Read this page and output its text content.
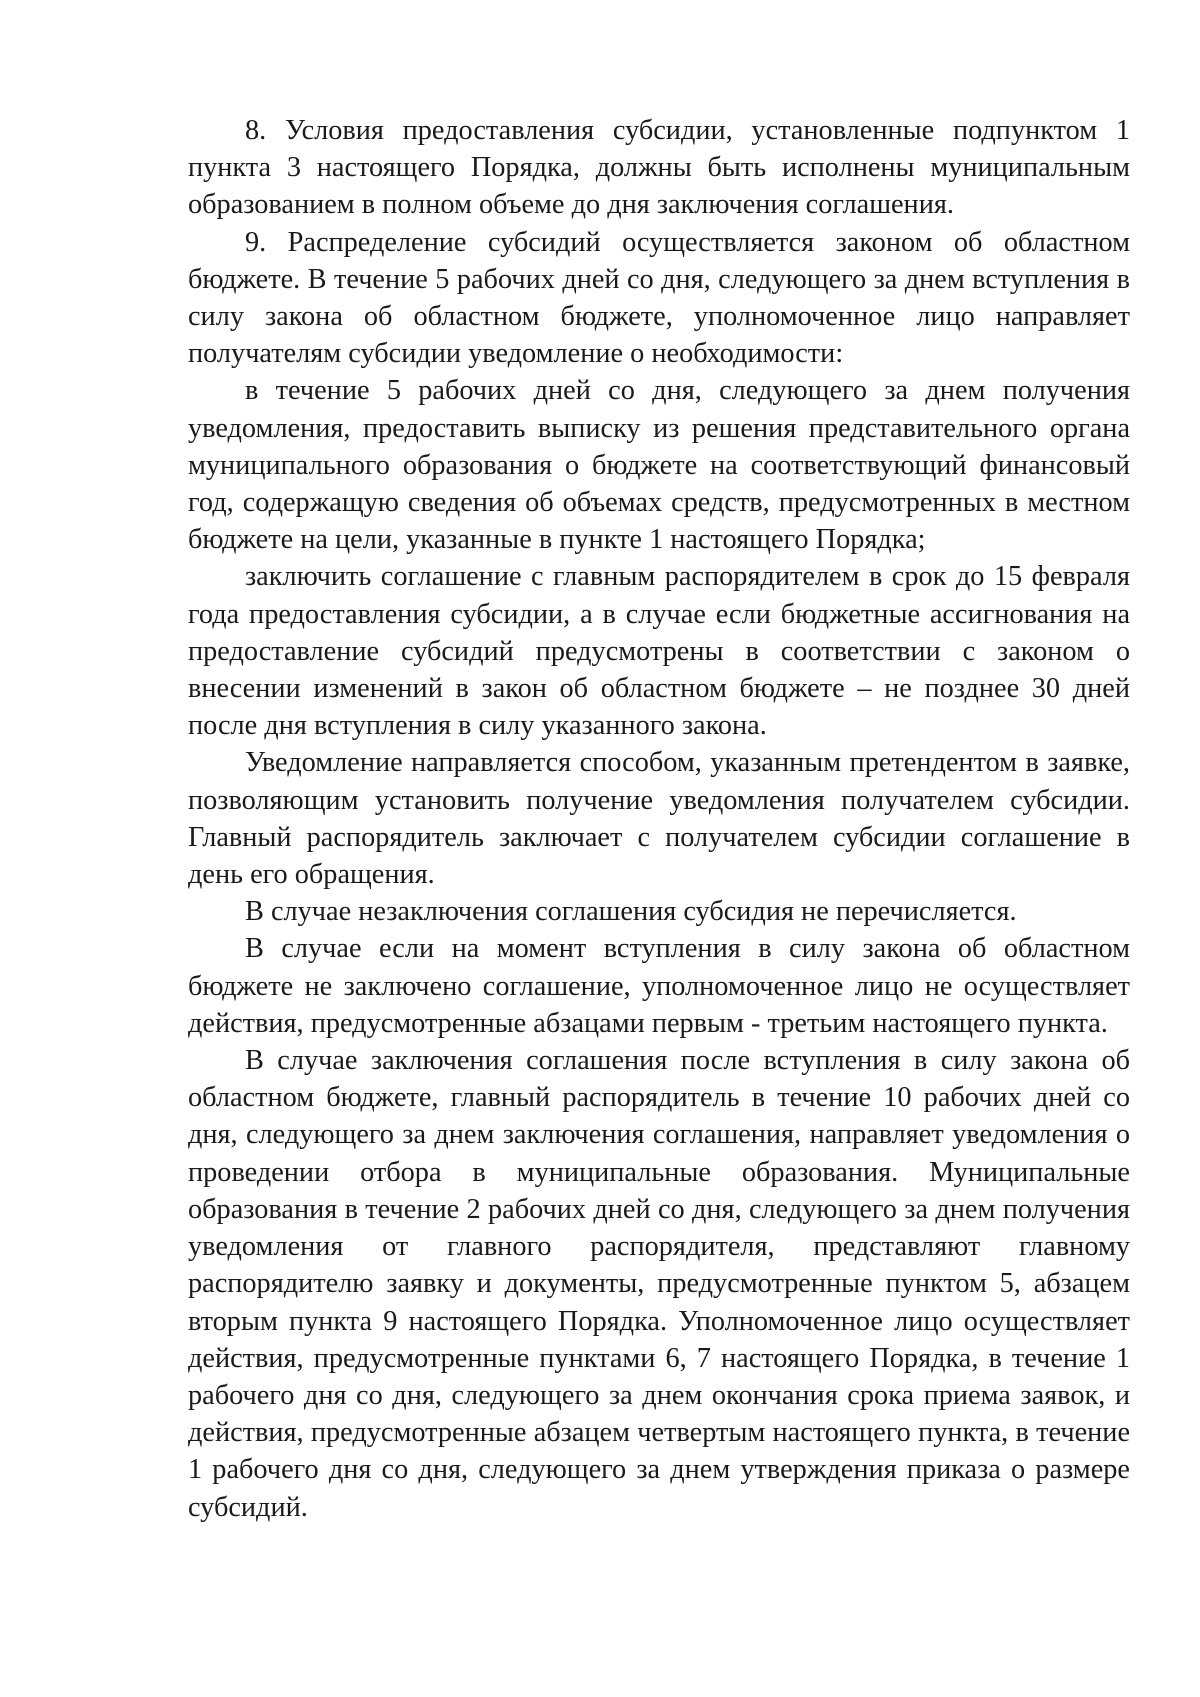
8. Условия предоставления субсидии, установленные подпунктом 1 пункта 3 настоящего Порядка, должны быть исполнены муниципальным образованием в полном объеме до дня заключения соглашения.

9. Распределение субсидий осуществляется законом об областном бюджете. В течение 5 рабочих дней со дня, следующего за днем вступления в силу закона об областном бюджете, уполномоченное лицо направляет получателям субсидии уведомление о необходимости:

в течение 5 рабочих дней со дня, следующего за днем получения уведомления, предоставить выписку из решения представительного органа муниципального образования о бюджете на соответствующий финансовый год, содержащую сведения об объемах средств, предусмотренных в местном бюджете на цели, указанные в пункте 1 настоящего Порядка;

заключить соглашение с главным распорядителем в срок до 15 февраля года предоставления субсидии, а в случае если бюджетные ассигнования на предоставление субсидий предусмотрены в соответствии с законом о внесении изменений в закон об областном бюджете – не позднее 30 дней после дня вступления в силу указанного закона.

Уведомление направляется способом, указанным претендентом в заявке, позволяющим установить получение уведомления получателем субсидии. Главный распорядитель заключает с получателем субсидии соглашение в день его обращения.

В случае незаключения соглашения субсидия не перечисляется.

В случае если на момент вступления в силу закона об областном бюджете не заключено соглашение, уполномоченное лицо не осуществляет действия, предусмотренные абзацами первым - третьим настоящего пункта.

В случае заключения соглашения после вступления в силу закона об областном бюджете, главный распорядитель в течение 10 рабочих дней со дня, следующего за днем заключения соглашения, направляет уведомления о проведении отбора в муниципальные образования. Муниципальные образования в течение 2 рабочих дней со дня, следующего за днем получения уведомления от главного распорядителя, представляют главному распорядителю заявку и документы, предусмотренные пунктом 5, абзацем вторым пункта 9 настоящего Порядка. Уполномоченное лицо осуществляет действия, предусмотренные пунктами 6, 7 настоящего Порядка, в течение 1 рабочего дня со дня, следующего за днем окончания срока приема заявок, и действия, предусмотренные абзацем четвертым настоящего пункта, в течение 1 рабочего дня со дня, следующего за днем утверждения приказа о размере субсидий.
